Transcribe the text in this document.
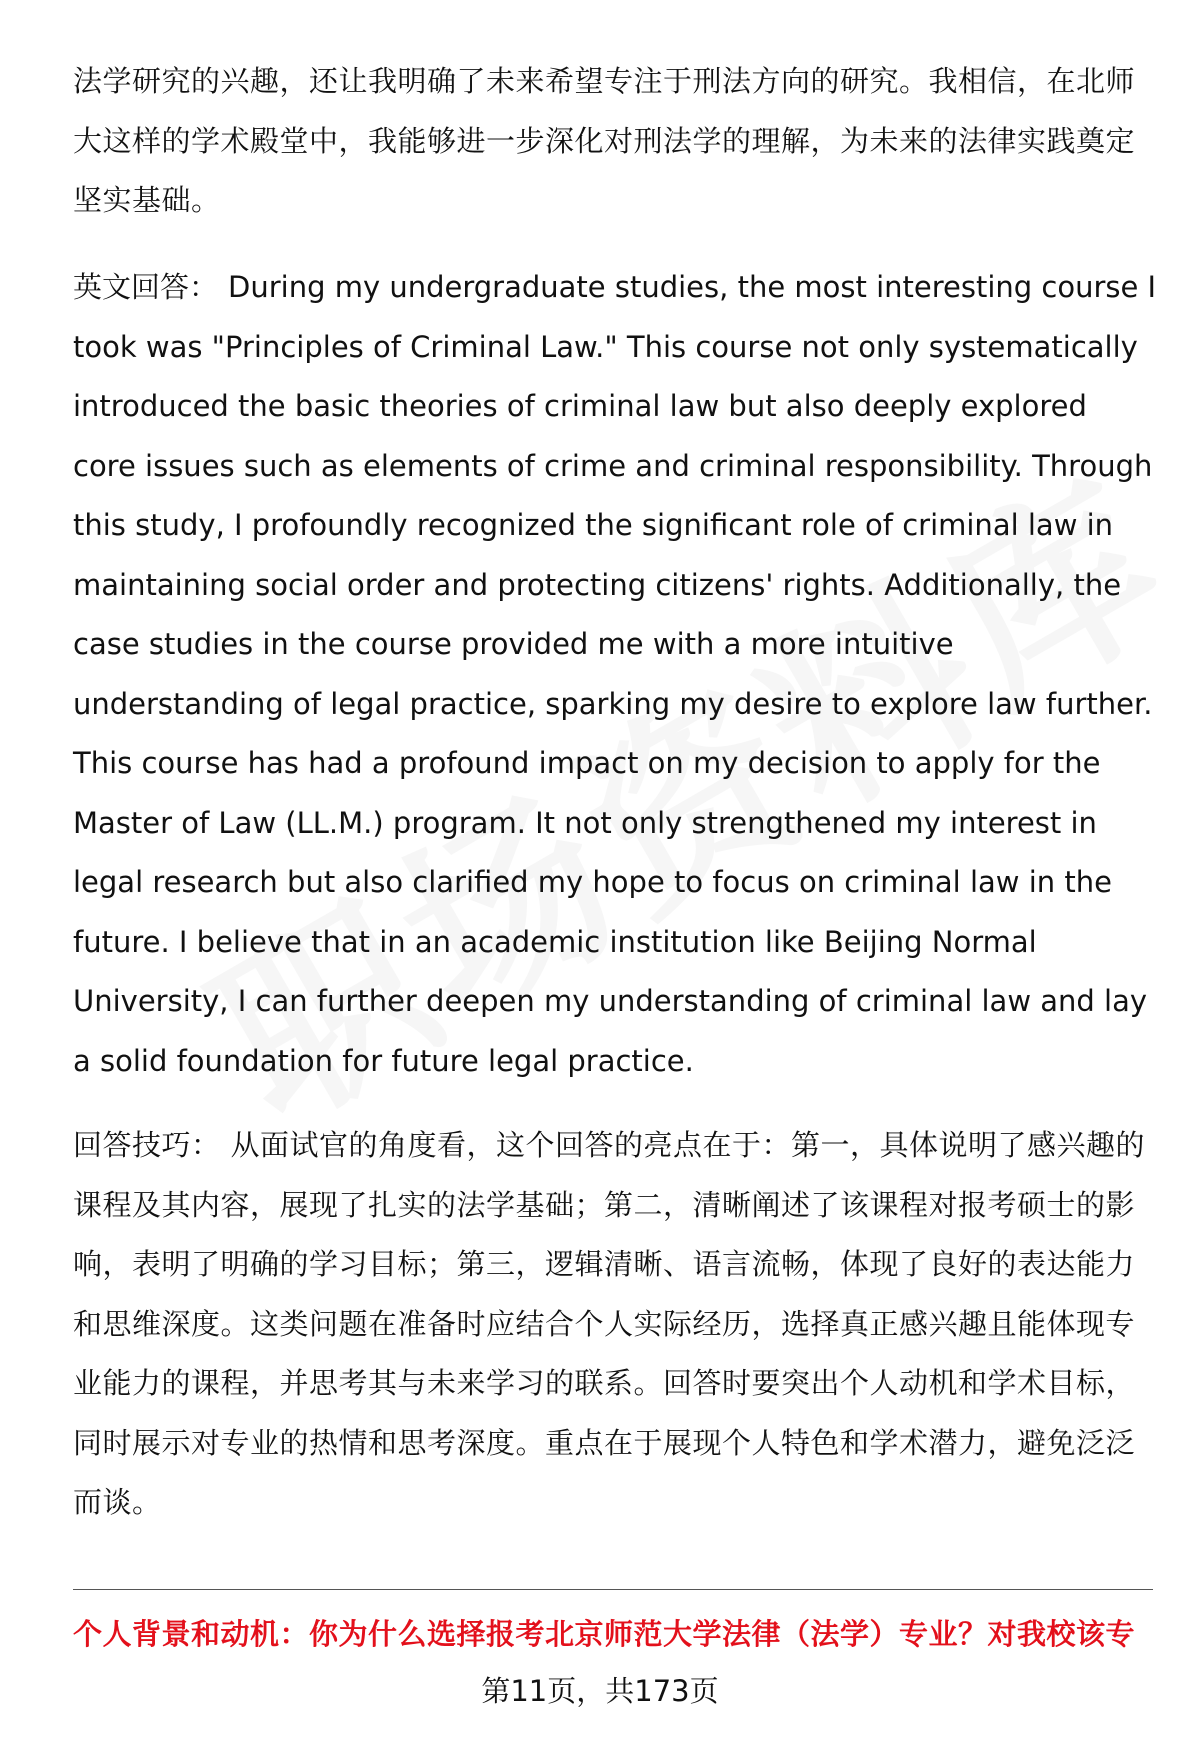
法学研究的兴趣，还让我明确了未来希望专注于刑法方向的研究。我相信，在北师大这样的学术殿堂中，我能够进一步深化对刑法学的理解，为未来的法律实践奠定坚实基础。

英文回答： During my undergraduate studies, the most interesting course I took was "Principles of Criminal Law." This course not only systematically introduced the basic theories of criminal law but also deeply explored core issues such as elements of crime and criminal responsibility. Through this study, I profoundly recognized the significant role of criminal law in maintaining social order and protecting citizens' rights. Additionally, the case studies in the course provided me with a more intuitive understanding of legal practice, sparking my desire to explore law further. This course has had a profound impact on my decision to apply for the Master of Law (LL.M.) program. It not only strengthened my interest in legal research but also clarified my hope to focus on criminal law in the future. I believe that in an academic institution like Beijing Normal University, I can further deepen my understanding of criminal law and lay a solid foundation for future legal practice.

回答技巧： 从面试官的角度看，这个回答的亮点在于：第一，具体说明了感兴趣的课程及其内容，展现了扎实的法学基础；第二，清晰阐述了该课程对报考硕士的影响，表明了明确的学习目标；第三，逻辑清晰、语言流畅，体现了良好的表达能力和思维深度。这类问题在准备时应结合个人实际经历，选择真正感兴趣且能体现专业能力的课程，并思考其与未来学习的联系。回答时要突出个人动机和学术目标，同时展示对专业的热情和思考深度。重点在于展现个人特色和学术潜力，避免泛泛而谈。

个人背景和动机：你为什么选择报考北京师范大学法律（法学）专业？对我校该专

第11页，共173页
